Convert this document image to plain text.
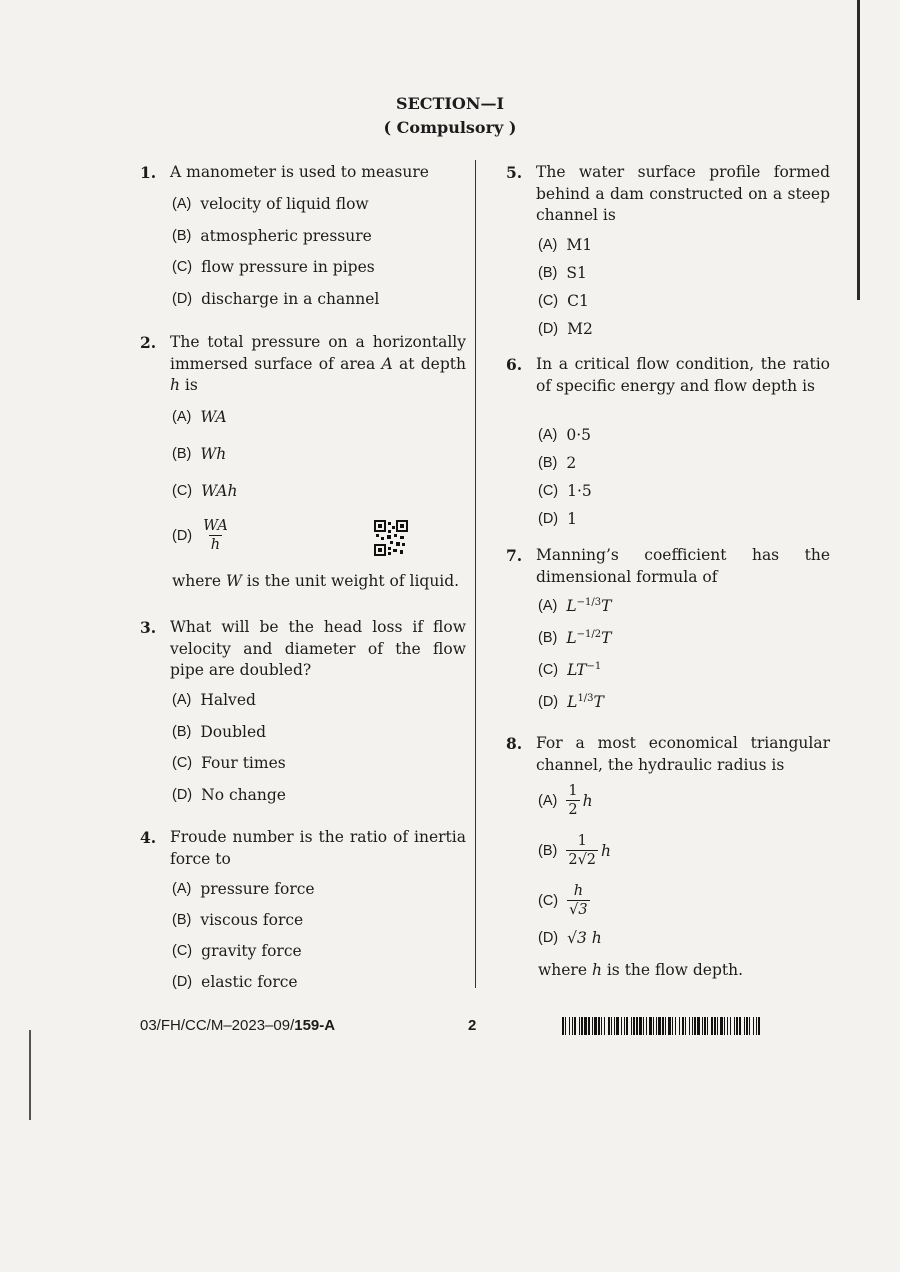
SECTION—I
( Compulsory )
1. A manometer is used to measure
(A) velocity of liquid flow
(B) atmospheric pressure
(C) flow pressure in pipes
(D) discharge in a channel
2. The total pressure on a horizontally immersed surface of area A at depth h is
(A) WA
(B) Wh
(C) WAh
$(D) \frac{WA}{h}$
where W is the unit weight of liquid.
3. What will be the head loss if flow velocity and diameter of the flow pipe are doubled?
(A) Halved
(B) Doubled
(C) Four times
(D) No change
4. Froude number is the ratio of inertia force to
(A) pressure force
(B) viscous force
(C) gravity force
(D) elastic force
5. The water surface profile formed behind a dam constructed on a steep channel is
(A) M1
(B) S1
(C) C1
(D) M2
6. In a critical flow condition, the ratio of specific energy and flow depth is
(A) 0·5
(B) 2
(C) 1·5
(D) 1
7. Manning’s coefficient has the dimensional formula of
(A) $L^{-1/3}T$
(B) $L^{-1/2}T$
(C) $LT^{-1}$
(D) $L^{1/3}T$
8. For a most economical triangular channel, the hydraulic radius is
$(A) \frac{1}{2}$ h
$(B) \frac{1}{2√2}$ h
$(C) \frac{h}{√3}$
(D) √3 h
where h is the flow depth.
03/FH/CC/M–2023–09/159-A	2
